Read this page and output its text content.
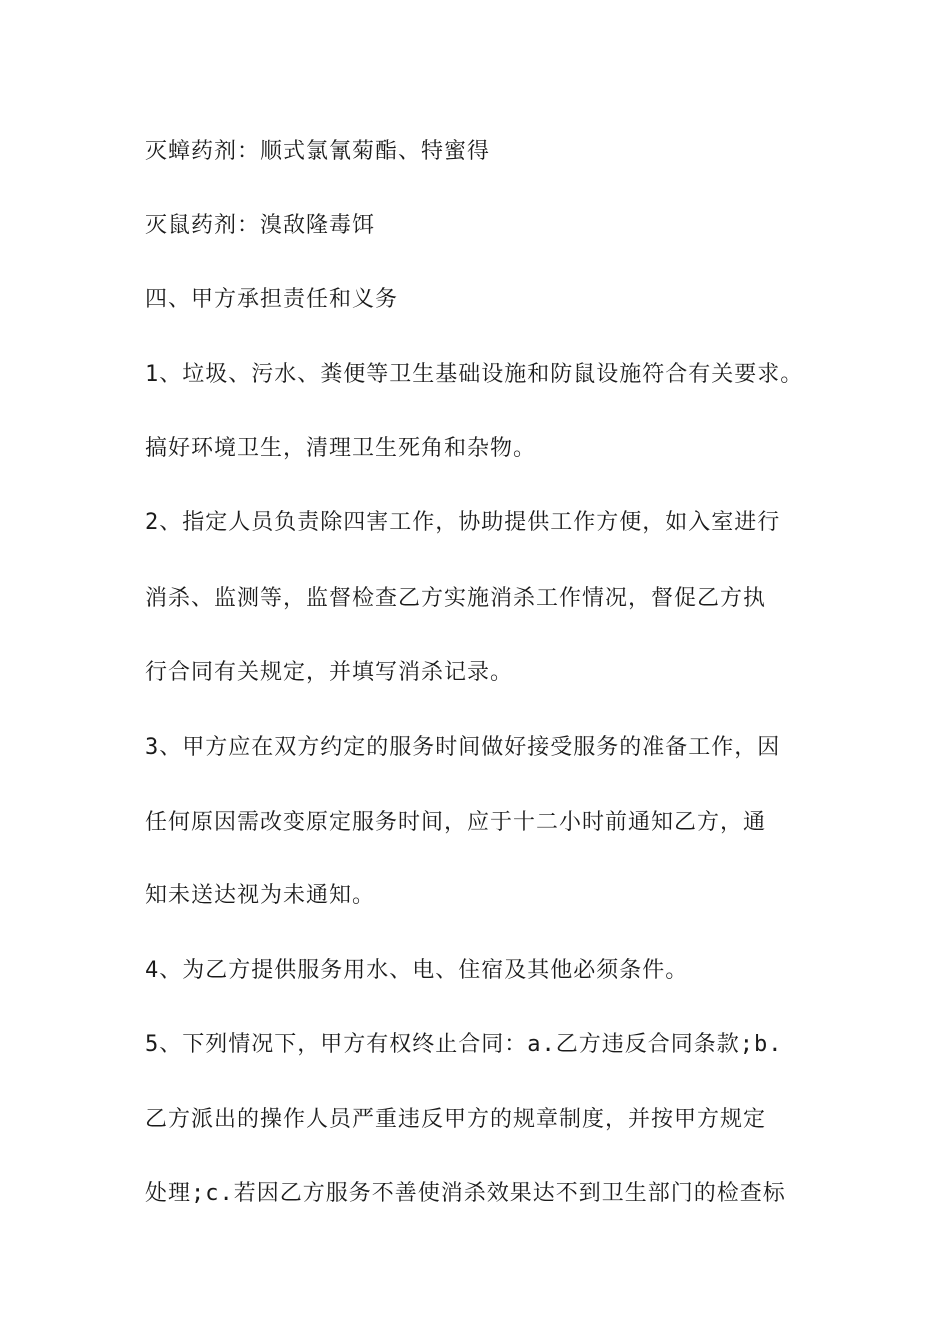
灭蟑药剂：顺式氯氰菊酯、特蜜得

灭鼠药剂：溴敌隆毒饵

四、甲方承担责任和义务

1、垃圾、污水、粪便等卫生基础设施和防鼠设施符合有关要求。

搞好环境卫生，清理卫生死角和杂物。

2、指定人员负责除四害工作，协助提供工作方便，如入室进行

消杀、监测等，监督检查乙方实施消杀工作情况，督促乙方执

行合同有关规定，并填写消杀记录。

3、甲方应在双方约定的服务时间做好接受服务的准备工作，因

任何原因需改变原定服务时间，应于十二小时前通知乙方，通

知未送达视为未通知。

4、为乙方提供服务用水、电、住宿及其他必须条件。

5、下列情况下，甲方有权终止合同：a.乙方违反合同条款;b.

乙方派出的操作人员严重违反甲方的规章制度，并按甲方规定

处理;c.若因乙方服务不善使消杀效果达不到卫生部门的检查标
